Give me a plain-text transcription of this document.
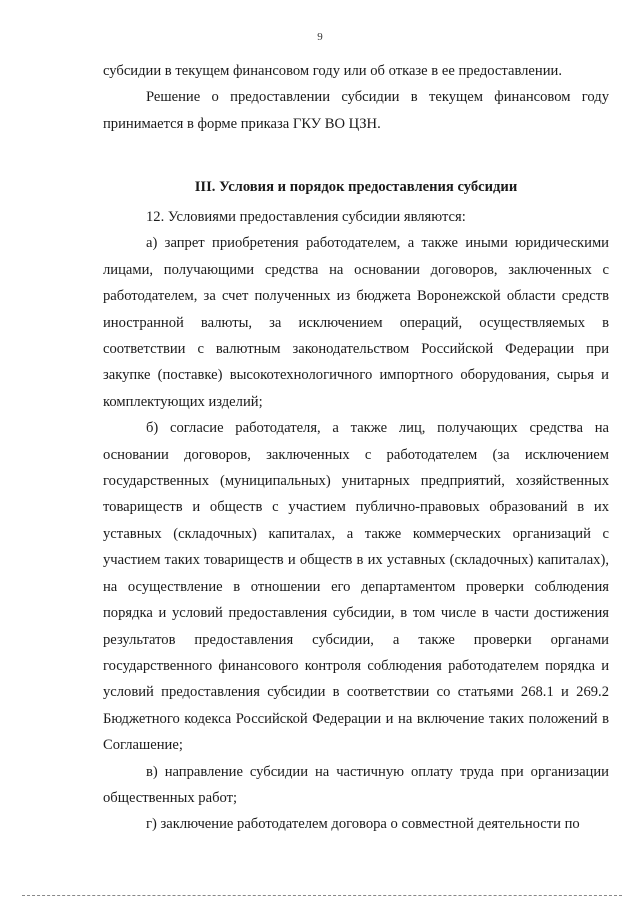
9

субсидии в текущем финансовом году или об отказе в ее предоставлении.

Решение о предоставлении субсидии в текущем финансовом году принимается в форме приказа ГКУ ВО ЦЗН.

III. Условия и порядок предоставления субсидии

12. Условиями предоставления субсидии являются:

а) запрет приобретения работодателем, а также иными юридическими лицами, получающими средства на основании договоров, заключенных с работодателем, за счет полученных из бюджета Воронежской области средств иностранной валюты, за исключением операций, осуществляемых в соответствии с валютным законодательством Российской Федерации при закупке (поставке) высокотехнологичного импортного оборудования, сырья и комплектующих изделий;

б) согласие работодателя, а также лиц, получающих средства на основании договоров, заключенных с работодателем (за исключением государственных (муниципальных) унитарных предприятий, хозяйственных товариществ и обществ с участием публично-правовых образований в их уставных (складочных) капиталах, а также коммерческих организаций с участием таких товариществ и обществ в их уставных (складочных) капиталах), на осуществление в отношении его департаментом проверки соблюдения порядка и условий предоставления субсидии, в том числе в части достижения результатов предоставления субсидии, а также проверки органами государственного финансового контроля соблюдения работодателем порядка и условий предоставления субсидии в соответствии со статьями 268.1 и 269.2 Бюджетного кодекса Российской Федерации и на включение таких положений в Соглашение;

в) направление субсидии на частичную оплату труда при организации общественных работ;

г) заключение работодателем договора о совместной деятельности по
